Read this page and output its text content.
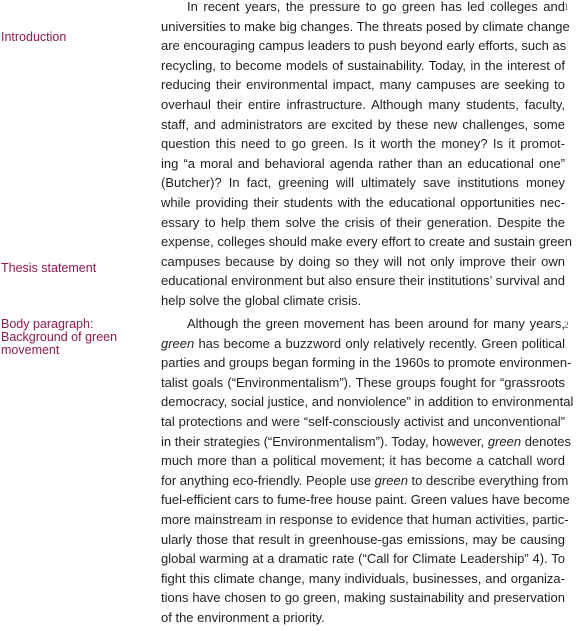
Introduction
Thesis statement
Body paragraph:
Background of green
movement
1
2
In recent years, the pressure to go green has led colleges and
universities to make big changes. The threats posed by climate change
are encouraging campus leaders to push beyond early efforts, such as
recycling, to become models of sustainability. Today, in the interest of
reducing their environmental impact, many campuses are seeking to
overhaul their entire infrastructure. Although many students, faculty,
staff, and administrators are excited by these new challenges, some
question this need to go green. Is it worth the money? Is it promot-
ing “a moral and behavioral agenda rather than an educational one”
(Butcher)? In fact, greening will ultimately save institutions money
while providing their students with the educational opportunities nec-
essary to help them solve the crisis of their generation. Despite the
expense, colleges should make every effort to create and sustain green
campuses because by doing so they will not only improve their own
educational environment but also ensure their institutions’ survival and
help solve the global climate crisis.
Although the green movement has been around for many years,
green has become a buzzword only relatively recently. Green political
parties and groups began forming in the 1960s to promote environmen-
talist goals (“Environmentalism”). These groups fought for “grassroots
democracy, social justice, and nonviolence” in addition to environmental
tal protections and were “self-consciously activist and unconventional”
in their strategies (“Environmentalism”). Today, however, green denotes
much more than a political movement; it has become a catchall word
for anything eco-friendly. People use green to describe everything from
fuel-efficient cars to fume-free house paint. Green values have become
more mainstream in response to evidence that human activities, partic-
ularly those that result in greenhouse-gas emissions, may be causing
global warming at a dramatic rate (“Call for Climate Leadership” 4). To
fight this climate change, many individuals, businesses, and organiza-
tions have chosen to go green, making sustainability and preservation
of the environment a priority.
